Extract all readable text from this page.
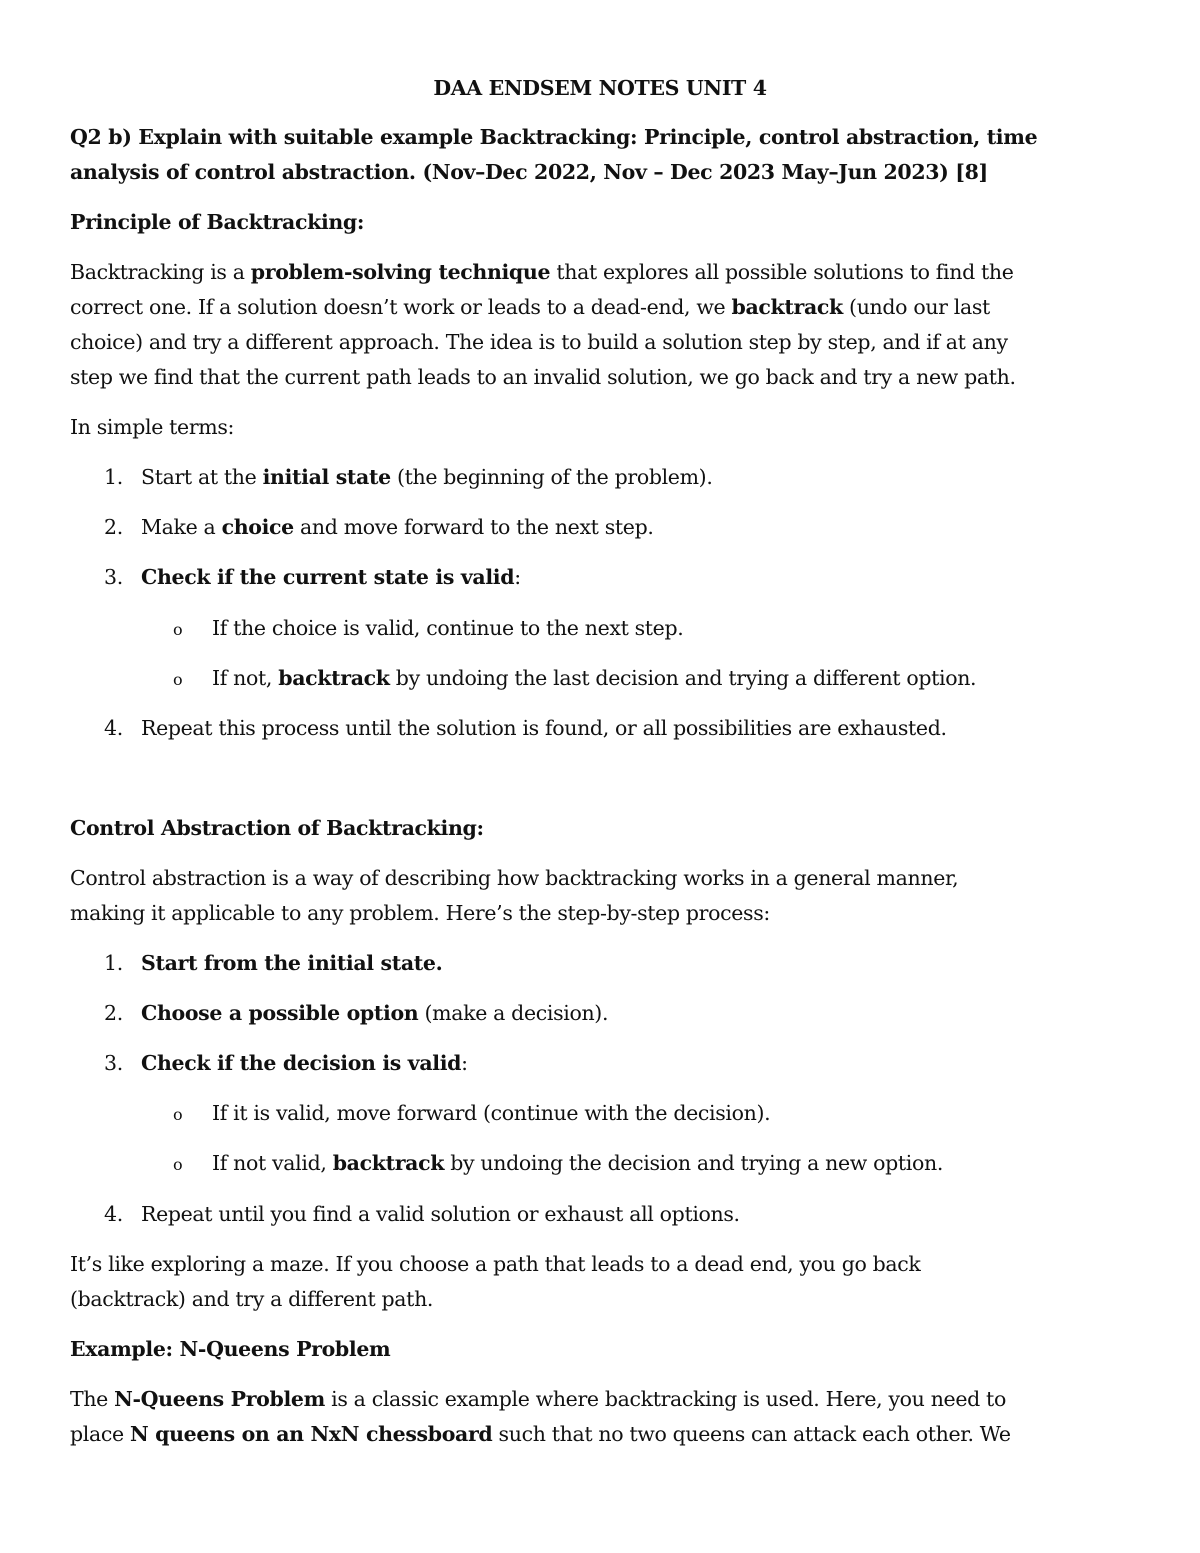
DAA ENDSEM NOTES UNIT 4
Q2 b) Explain with suitable example Backtracking: Principle, control abstraction, time
analysis of control abstraction. (Nov–Dec 2022, Nov – Dec 2023 May–Jun 2023) [8]
Principle of Backtracking:
Backtracking is a problem-solving technique that explores all possible solutions to find the
correct one. If a solution doesn’t work or leads to a dead-end, we backtrack (undo our last
choice) and try a different approach. The idea is to build a solution step by step, and if at any
step we find that the current path leads to an invalid solution, we go back and try a new path.
In simple terms:
1. Start at the initial state (the beginning of the problem).
2. Make a choice and move forward to the next step.
3. Check if the current state is valid:
o If the choice is valid, continue to the next step.
o If not, backtrack by undoing the last decision and trying a different option.
4. Repeat this process until the solution is found, or all possibilities are exhausted.
Control Abstraction of Backtracking:
Control abstraction is a way of describing how backtracking works in a general manner,
making it applicable to any problem. Here’s the step-by-step process:
1. Start from the initial state.
2. Choose a possible option (make a decision).
3. Check if the decision is valid:
o If it is valid, move forward (continue with the decision).
o If not valid, backtrack by undoing the decision and trying a new option.
4. Repeat until you find a valid solution or exhaust all options.
It’s like exploring a maze. If you choose a path that leads to a dead end, you go back
(backtrack) and try a different path.
Example: N-Queens Problem
The N-Queens Problem is a classic example where backtracking is used. Here, you need to
place N queens on an NxN chessboard such that no two queens can attack each other. We
